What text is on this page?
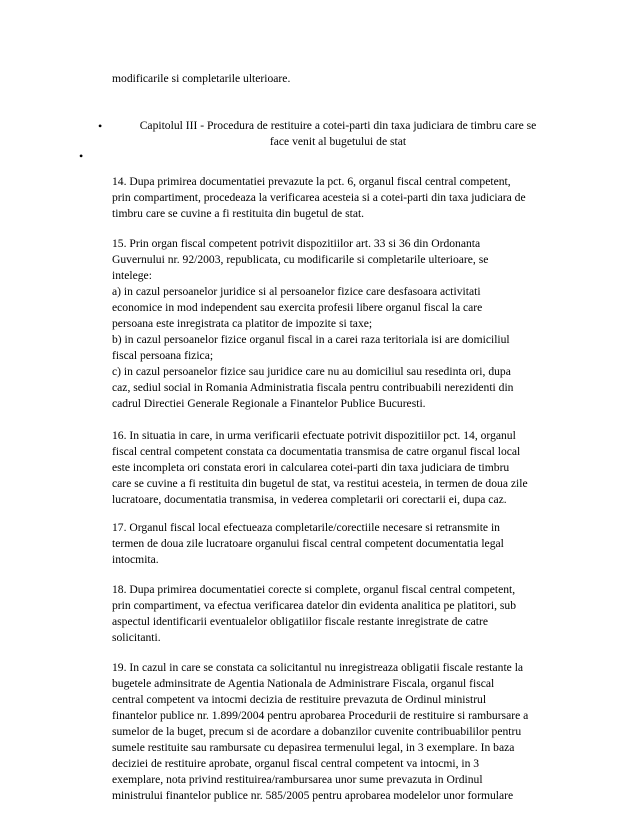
modificarile si completarile ulterioare.
•	Capitolul III - Procedura de restituire a cotei-parti din taxa judiciara de timbru care se
face venit al bugetului de stat
•
14. Dupa primirea documentatiei prevazute la pct. 6, organul fiscal central competent,
prin compartiment, procedeaza la verificarea acesteia si a cotei-parti din taxa judiciara de
timbru care se cuvine a fi restituita din bugetul de stat.
15. Prin organ fiscal competent potrivit dispozitiilor art. 33 si 36 din Ordonanta
Guvernului nr. 92/2003, republicata, cu modificarile si completarile ulterioare, se
intelege:
a) in cazul persoanelor juridice si al persoanelor fizice care desfasoara activitati
economice in mod independent sau exercita profesii libere organul fiscal la care
persoana este inregistrata ca platitor de impozite si taxe;
b) in cazul persoanelor fizice organul fiscal in a carei raza teritoriala isi are domiciliul
fiscal persoana fizica;
c) in cazul persoanelor fizice sau juridice care nu au domiciliul sau resedinta ori, dupa
caz, sediul social in Romania Administratia fiscala pentru contribuabili nerezidenti din
cadrul Directiei Generale Regionale a Finantelor Publice Bucuresti.
16. In situatia in care, in urma verificarii efectuate potrivit dispozitiilor pct. 14, organul
fiscal central competent constata ca documentatia transmisa de catre organul fiscal local
este incompleta ori constata erori in calcularea cotei-parti din taxa judiciara de timbru
care se cuvine a fi restituita din bugetul de stat, va restitui acesteia, in termen de doua zile
lucratoare, documentatia transmisa, in vederea completarii ori corectarii ei, dupa caz.
17. Organul fiscal local efectueaza completarile/corectiile necesare si retransmite in
termen de doua zile lucratoare organului fiscal central competent documentatia legal
intocmita.
18. Dupa primirea documentatiei corecte si complete, organul fiscal central competent,
prin compartiment, va efectua verificarea datelor din evidenta analitica pe platitori, sub
aspectul identificarii eventualelor obligatiilor fiscale restante inregistrate de catre
solicitanti.
19. In cazul in care se constata ca solicitantul nu inregistreaza obligatii fiscale restante la
bugetele adminsitrate de Agentia Nationala de Administrare Fiscala, organul fiscal
central competent va intocmi decizia de restituire prevazuta de Ordinul ministrul
finantelor publice nr. 1.899/2004 pentru aprobarea Procedurii de restituire si rambursare a
sumelor de la buget, precum si de acordare a dobanzilor cuvenite contribuabililor pentru
sumele restituite sau rambursate cu depasirea termenului legal, in 3 exemplare. In baza
deciziei de restituire aprobate, organul fiscal central competent va intocmi, in 3
exemplare, nota privind restituirea/rambursarea unor sume prevazuta in Ordinul
ministrului finantelor publice nr. 585/2005 pentru aprobarea modelelor unor formulare
